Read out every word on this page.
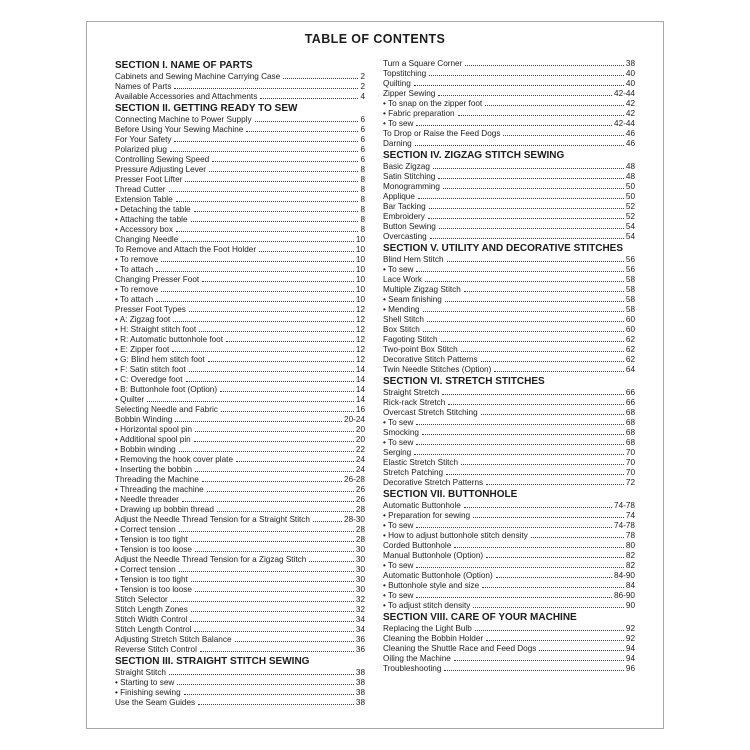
TABLE OF CONTENTS
SECTION I. NAME OF PARTS
Cabinets and Sewing Machine Carrying Case	2
Names of Parts	2
Available Accessories and Attachments	4
SECTION II. GETTING READY TO SEW
Connecting Machine to Power Supply	6
Before Using Your Sewing Machine	6
For Your Safety	6
Polarized plug	6
Controlling Sewing Speed	6
Pressure Adjusting Lever	8
Presser Foot Lifter	8
Thread Cutter	8
Extension Table	8
• Detaching the table	8
• Attaching the table	8
• Accessory box	8
Changing Needle	10
To Remove and Attach the Foot Holder	10
• To remove	10
• To attach	10
Changing Presser Foot	10
• To remove	10
• To attach	10
Presser Foot Types	12
• A: Zigzag foot	12
• H: Straight stitch foot	12
• R: Automatic buttonhole foot	12
• E: Zipper foot	12
• G: Blind hem stitch foot	12
• F: Satin stitch foot	14
• C: Overedge foot	14
• B: Buttonhole foot (Option)	14
• Quilter	14
Selecting Needle and Fabric	16
Bobbin Winding	20-24
• Horizontal spool pin	20
• Additional spool pin	20
• Bobbin winding	22
• Removing the hook cover plate	24
• Inserting the bobbin	24
Threading the Machine	26-28
• Threading the machine	26
• Needle threader	26
• Drawing up bobbin thread	28
Adjust the Needle Thread Tension for a Straight Stitch	28-30
• Correct tension	28
• Tension is too tight	28
• Tension is too loose	30
Adjust the Needle Thread Tension for a Zigzag Stitch	30
• Correct tension	30
• Tension is too tight	30
• Tension is too loose	30
Stitch Selector	32
Stitch Length Zones	32
Stitch Width Control	34
Stitch Length Control	34
Adjusting Stretch Stitch Balance	36
Reverse Stitch Control	36
SECTION III. STRAIGHT STITCH SEWING
Straight Stitch	38
• Starting to sew	38
• Finishing sewing	38
Use the Seam Guides	38
Turn a Square Corner	38
Topstitching	40
Quilting	40
Zipper Sewing	42-44
• To snap on the zipper foot	42
• Fabric preparation	42
• To sew	42-44
To Drop or Raise the Feed Dogs	46
Darning	46
SECTION IV. ZIGZAG STITCH SEWING
Basic Zigzag	48
Satin Stitching	48
Monogramming	50
Applique	50
Bar Tacking	52
Embroidery	52
Button Sewing	54
Overcasting	54
SECTION V. UTILITY AND DECORATIVE STITCHES
Blind Hem Stitch	56
• To sew	56
Lace Work	58
Multiple Zigzag Stitch	58
• Seam finishing	58
• Mending	58
Shell Stitch	60
Box Stitch	60
Fagoting Stitch	62
Two-point Box Stitch	62
Decorative Stitch Patterns	62
Twin Needle Stitches (Option)	64
SECTION VI. STRETCH STITCHES
Straight Stretch	66
Rick-rack Stretch	66
Overcast Stretch Stitching	68
• To sew	68
Smocking	68
• To sew	68
Serging	70
Elastic Stretch Stitch	70
Stretch Patching	70
Decorative Stretch Patterns	72
SECTION VII. BUTTONHOLE
Automatic Buttonhole	74-78
• Preparation for sewing	74
• To sew	74-78
• How to adjust buttonhole stitch density	78
Corded Buttonhole	80
Manual Buttonhole (Option)	82
• To sew	82
Automatic Buttonhole (Option)	84-90
• Buttonhole style and size	84
• To sew	86-90
• To adjust stitch density	90
SECTION VIII. CARE OF YOUR MACHINE
Replacing the Light Bulb	92
Cleaning the Bobbin Holder	92
Cleaning the Shuttle Race and Feed Dogs	94
Oiling the Machine	94
Troubleshooting	96
